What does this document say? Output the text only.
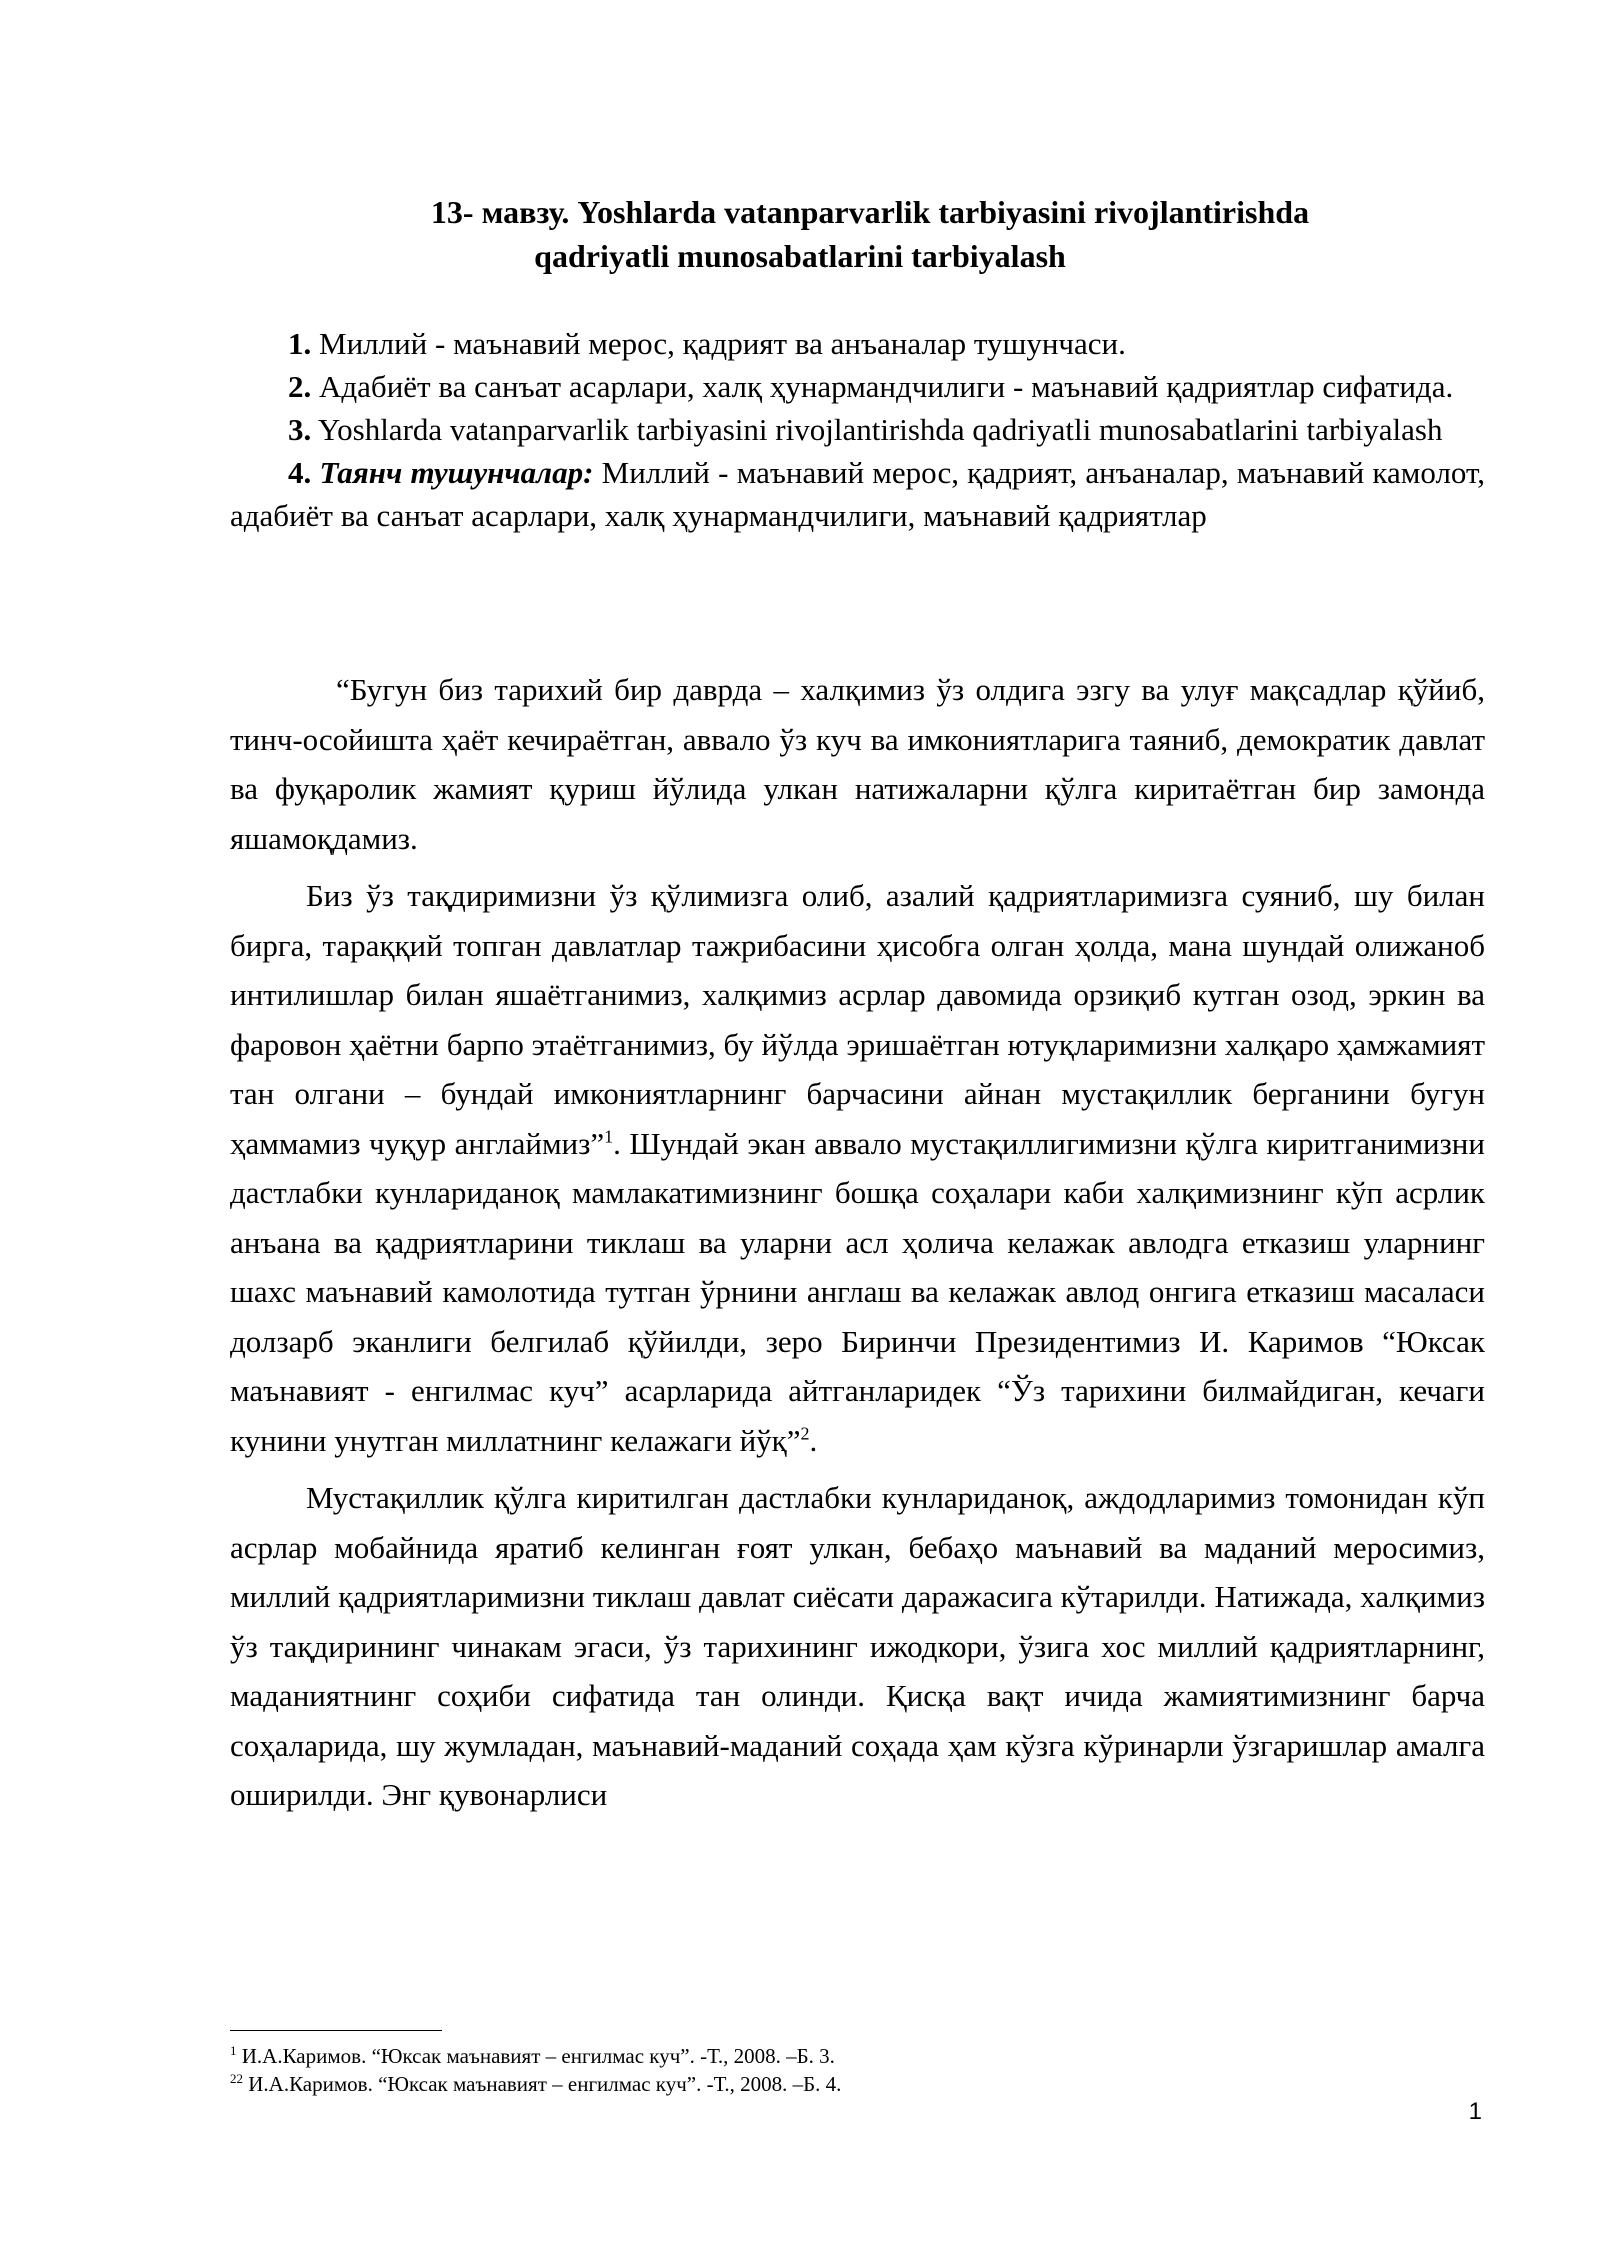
13- мавзу. Yoshlarda vatanparvarlik tarbiyasini rivojlantirishda
qadriyatli munosabatlarini tarbiyalash

1. Миллий - маънавий мерос, қадрият ва анъаналар тушунчаси.

2. Адабиёт ва санъат асарлари, халқ ҳунармандчилиги - маънавий қадриятлар сифатида.

3. Yoshlarda vatanparvarlik tarbiyasini rivojlantirishda qadriyatli munosabatlarini tarbiyalash

4. Таянч тушунчалар: Миллий - маънавий мерос, қадрият, анъаналар, маънавий камолот, адабиёт ва санъат асарлари, халқ ҳунармандчилиги, маънавий қадриятлар

“Бугун биз тарихий бир даврда – халқимиз ўз олдига эзгу ва улуғ мақсадлар қўйиб, тинч-осойишта ҳаёт кечираётган, аввало ўз куч ва имкониятларига таяниб, демократик давлат ва фуқаролик жамият қуриш йўлида улкан натижаларни қўлга киритаётган бир замонда яшамоқдамиз.

Биз ўз тақдиримизни ўз қўлимизга олиб, азалий қадриятларимизга суяниб, шу билан бирга, тараққий топган давлатлар тажрибасини ҳисобга олган ҳолда, мана шундай олижаноб интилишлар билан яшаётганимиз, халқимиз асрлар давомида орзиқиб кутган озод, эркин ва фаровон ҳаётни барпо этаётганимиз, бу йўлда эришаётган ютуқларимизни халқаро ҳамжамият тан олгани – бундай имкониятларнинг барчасини айнан мустақиллик берганини бугун ҳаммамиз чуқур англаймиз”$^1$. Шундай экан аввало мустақиллигимизни қўлга киритганимизни дастлабки кунлариданоқ мамлакатимизнинг бошқа соҳалари каби халқимизнинг кўп асрлик анъана ва қадриятларини тиклаш ва уларни асл ҳолича келажак авлодга етказиш уларнинг шахс маънавий камолотида тутган ўрнини англаш ва келажак авлод онгига етказиш масаласи долзарб эканлиги белгилаб қўйилди, зеро Биринчи Президентимиз И. Каримов “Юксак маънавият - енгилмас куч” асарларида айтганларидек “Ўз тарихини билмайдиган, кечаги кунини унутган миллатнинг келажаги йўқ”$^2$.

Мустақиллик қўлга киритилган дастлабки кунлариданоқ, аждодларимиз томонидан кўп асрлар мобайнида яратиб келинган ғоят улкан, бебаҳо маънавий ва маданий меросимиз, миллий қадриятларимизни тиклаш давлат сиёсати даражасига кўтарилди. Натижада, халқимиз ўз тақдирининг чинакам эгаси, ўз тарихининг ижодкори, ўзига хос миллий қадриятларнинг, маданиятнинг соҳиби сифатида тан олинди. Қисқа вақт ичида жамиятимизнинг барча соҳаларида, шу жумладан, маънавий-маданий соҳада ҳам кўзга кўринарли ўзгаришлар амалга оширилди. Энг қувонарлиси

$^1$ И.А.Каримов. “Юксак маънавият – енгилмас куч”. -Т., 2008. –Б. 3.

$^{22}$ И.А.Каримов. “Юксак маънавият – енгилмас куч”. -Т., 2008. –Б. 4.

1
